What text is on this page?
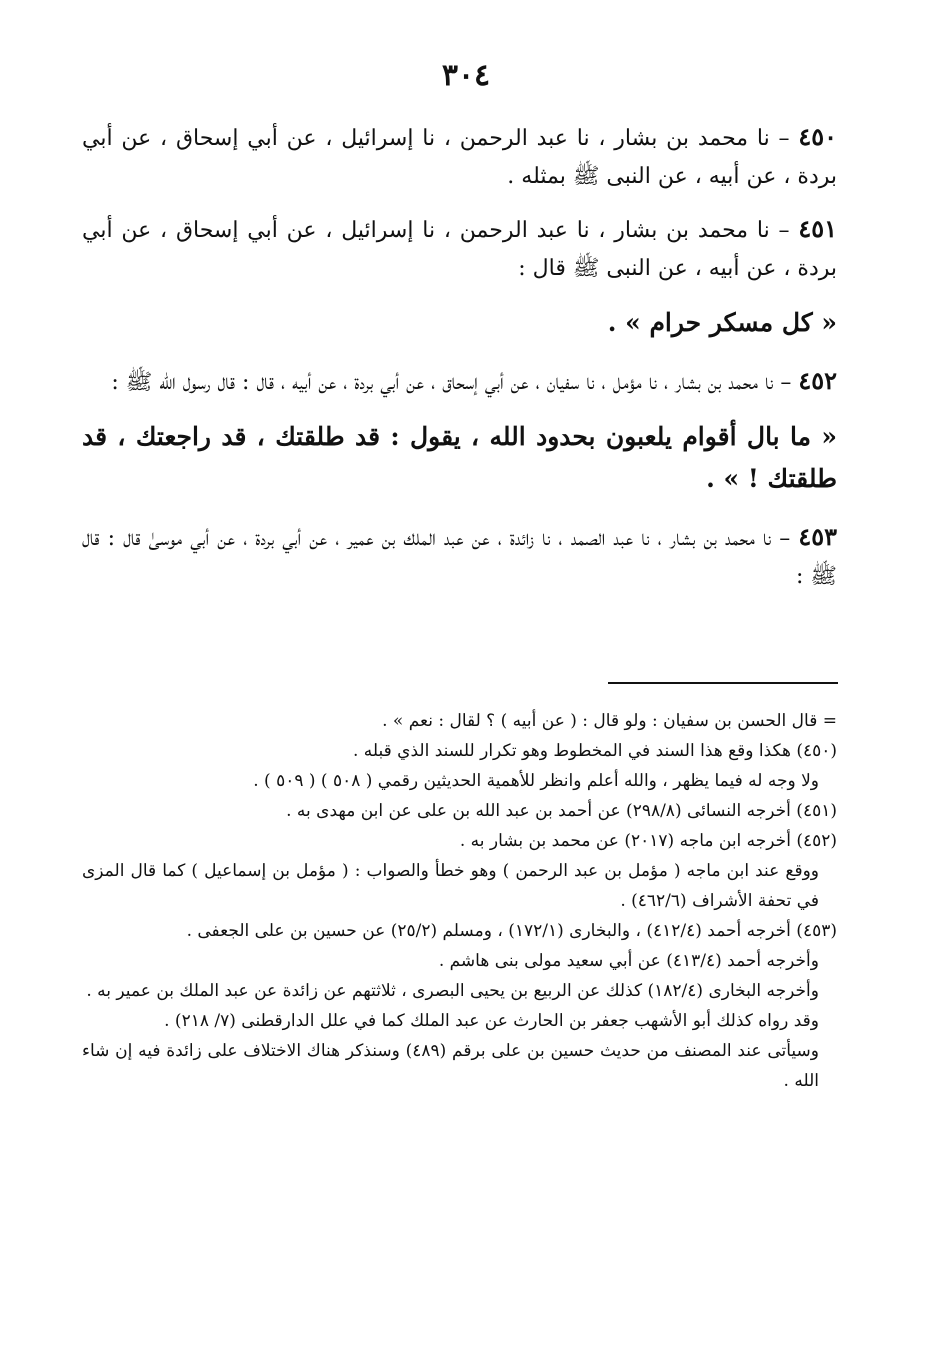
٣٠٤

٤٥٠ – نا محمد بن بشار ، نا عبد الرحمن ، نا إسرائيل ، عن أبي إسحاق ، عن أبي بردة ، عن أبيه ، عن النبى ﷺ بمثله .

٤٥١ – نا محمد بن بشار ، نا عبد الرحمن ، نا إسرائيل ، عن أبي إسحاق ، عن أبي بردة ، عن أبيه ، عن النبى ﷺ قال :

« كل مسكر حرام » .

٤٥٢ – نا محمد بن بشار ، نا مؤمل ، نا سفيان ، عن أبي إسحاق ، عن أبي بردة ، عن أبيه ، قال : قال رسول الله ﷺ :

« ما بال أقوام يلعبون بحدود الله ، يقول : قد طلقتك ، قد راجعتك ، قد طلقتك ! » .

٤٥٣ – نا محمد بن بشار ، نا عبد الصمد ، نا زائدة ، عن عبد الملك بن عمير ، عن أبي بردة ، عن أبي موسىٰ قال : قال ﷺ :

= قال الحسن بن سفيان : ولو قال : ( عن أبيه ) ؟ لقال : نعم » .

(٤٥٠) هكذا وقع هذا السند في المخطوط وهو تكرار للسند الذي قبله .

ولا وجه له فيما يظهر ، والله أعلم وانظر للأهمية الحديثين رقمي ( ٥٠٨ ) ( ٥٠٩ ) .

(٤٥١) أخرجه النسائى (٢٩٨/٨) عن أحمد بن عبد الله بن على عن ابن مهدى به .

(٤٥٢) أخرجه ابن ماجه (٢٠١٧) عن محمد بن بشار به .

ووقع عند ابن ماجه ( مؤمل بن عبد الرحمن ) وهو خطأ والصواب : ( مؤمل بن إسماعيل ) كما قال المزى في تحفة الأشراف (٤٦٢/٦) .

(٤٥٣) أخرجه أحمد (٤١٢/٤) ، والبخارى (١٧٢/١) ، ومسلم (٢٥/٢) عن حسين بن على الجعفى .

وأخرجه أحمد (٤١٣/٤) عن أبي سعيد مولى بنى هاشم .

وأخرجه البخارى (١٨٢/٤) كذلك عن الربيع بن يحيى البصرى ، ثلاثتهم عن زائدة عن عبد الملك بن عمير به .

وقد رواه كذلك أبو الأشهب جعفر بن الحارث عن عبد الملك كما في علل الدارقطنى (٧/ ٢١٨) .

وسيأتى عند المصنف من حديث حسين بن على برقم (٤٨٩) وسنذكر هناك الاختلاف على زائدة فيه إن شاء الله .
